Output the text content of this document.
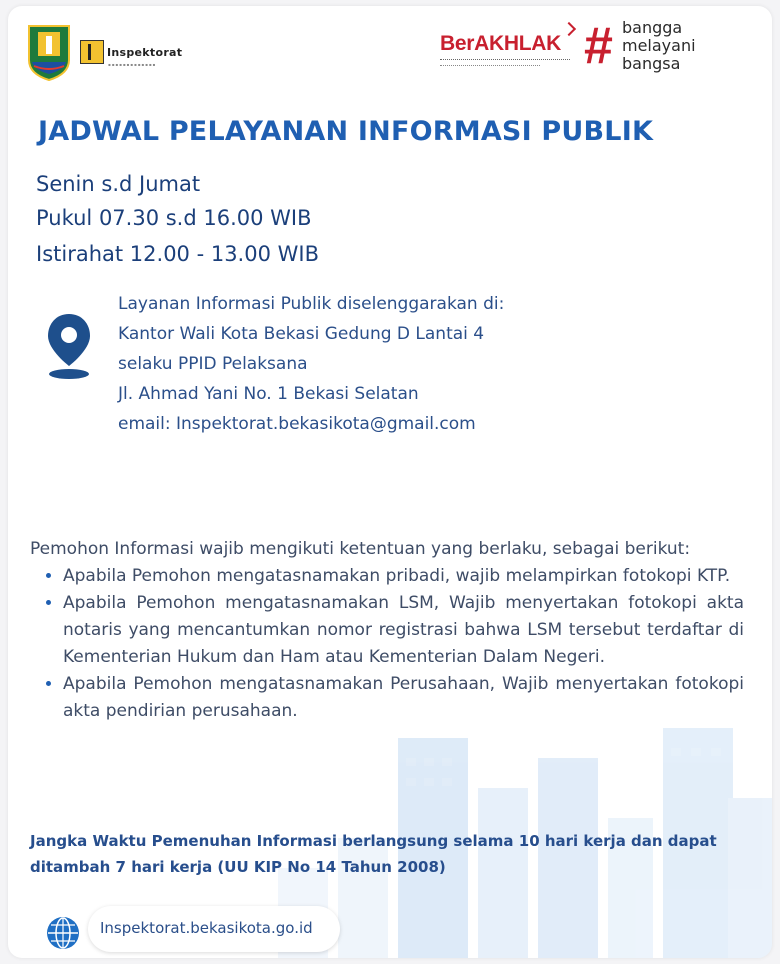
Inspektorat
▪▪▪▪▪▪▪▪▪▪▪▪▪
BerAKHLAK # bangga
melayani
bangsa
JADWAL PELAYANAN INFORMASI PUBLIK
Senin s.d Jumat
Pukul 07.30 s.d 16.00 WIB
Istirahat 12.00 - 13.00 WIB
Layanan Informasi Publik diselenggarakan di:
Kantor Wali Kota Bekasi Gedung D Lantai 4
selaku PPID Pelaksana
Jl. Ahmad Yani No. 1 Bekasi Selatan
email: Inspektorat.bekasikota@gmail.com

Pemohon Informasi wajib mengikuti ketentuan yang berlaku, sebagai berikut:

• Apabila Pemohon mengatasnamakan pribadi, wajib melampirkan fotokopi KTP.
• Apabila Pemohon mengatasnamakan LSM, Wajib menyertakan fotokopi akta notaris yang mencantumkan nomor registrasi bahwa LSM tersebut terdaftar di Kementerian Hukum dan Ham atau Kementerian Dalam Negeri.
• Apabila Pemohon mengatasnamakan Perusahaan, Wajib menyertakan fotokopi akta pendirian perusahaan.
Jangka Waktu Pemenuhan Informasi berlangsung selama 10 hari kerja dan dapat ditambah 7 hari kerja (UU KIP No 14 Tahun 2008)
Inspektorat.bekasikota.go.id
